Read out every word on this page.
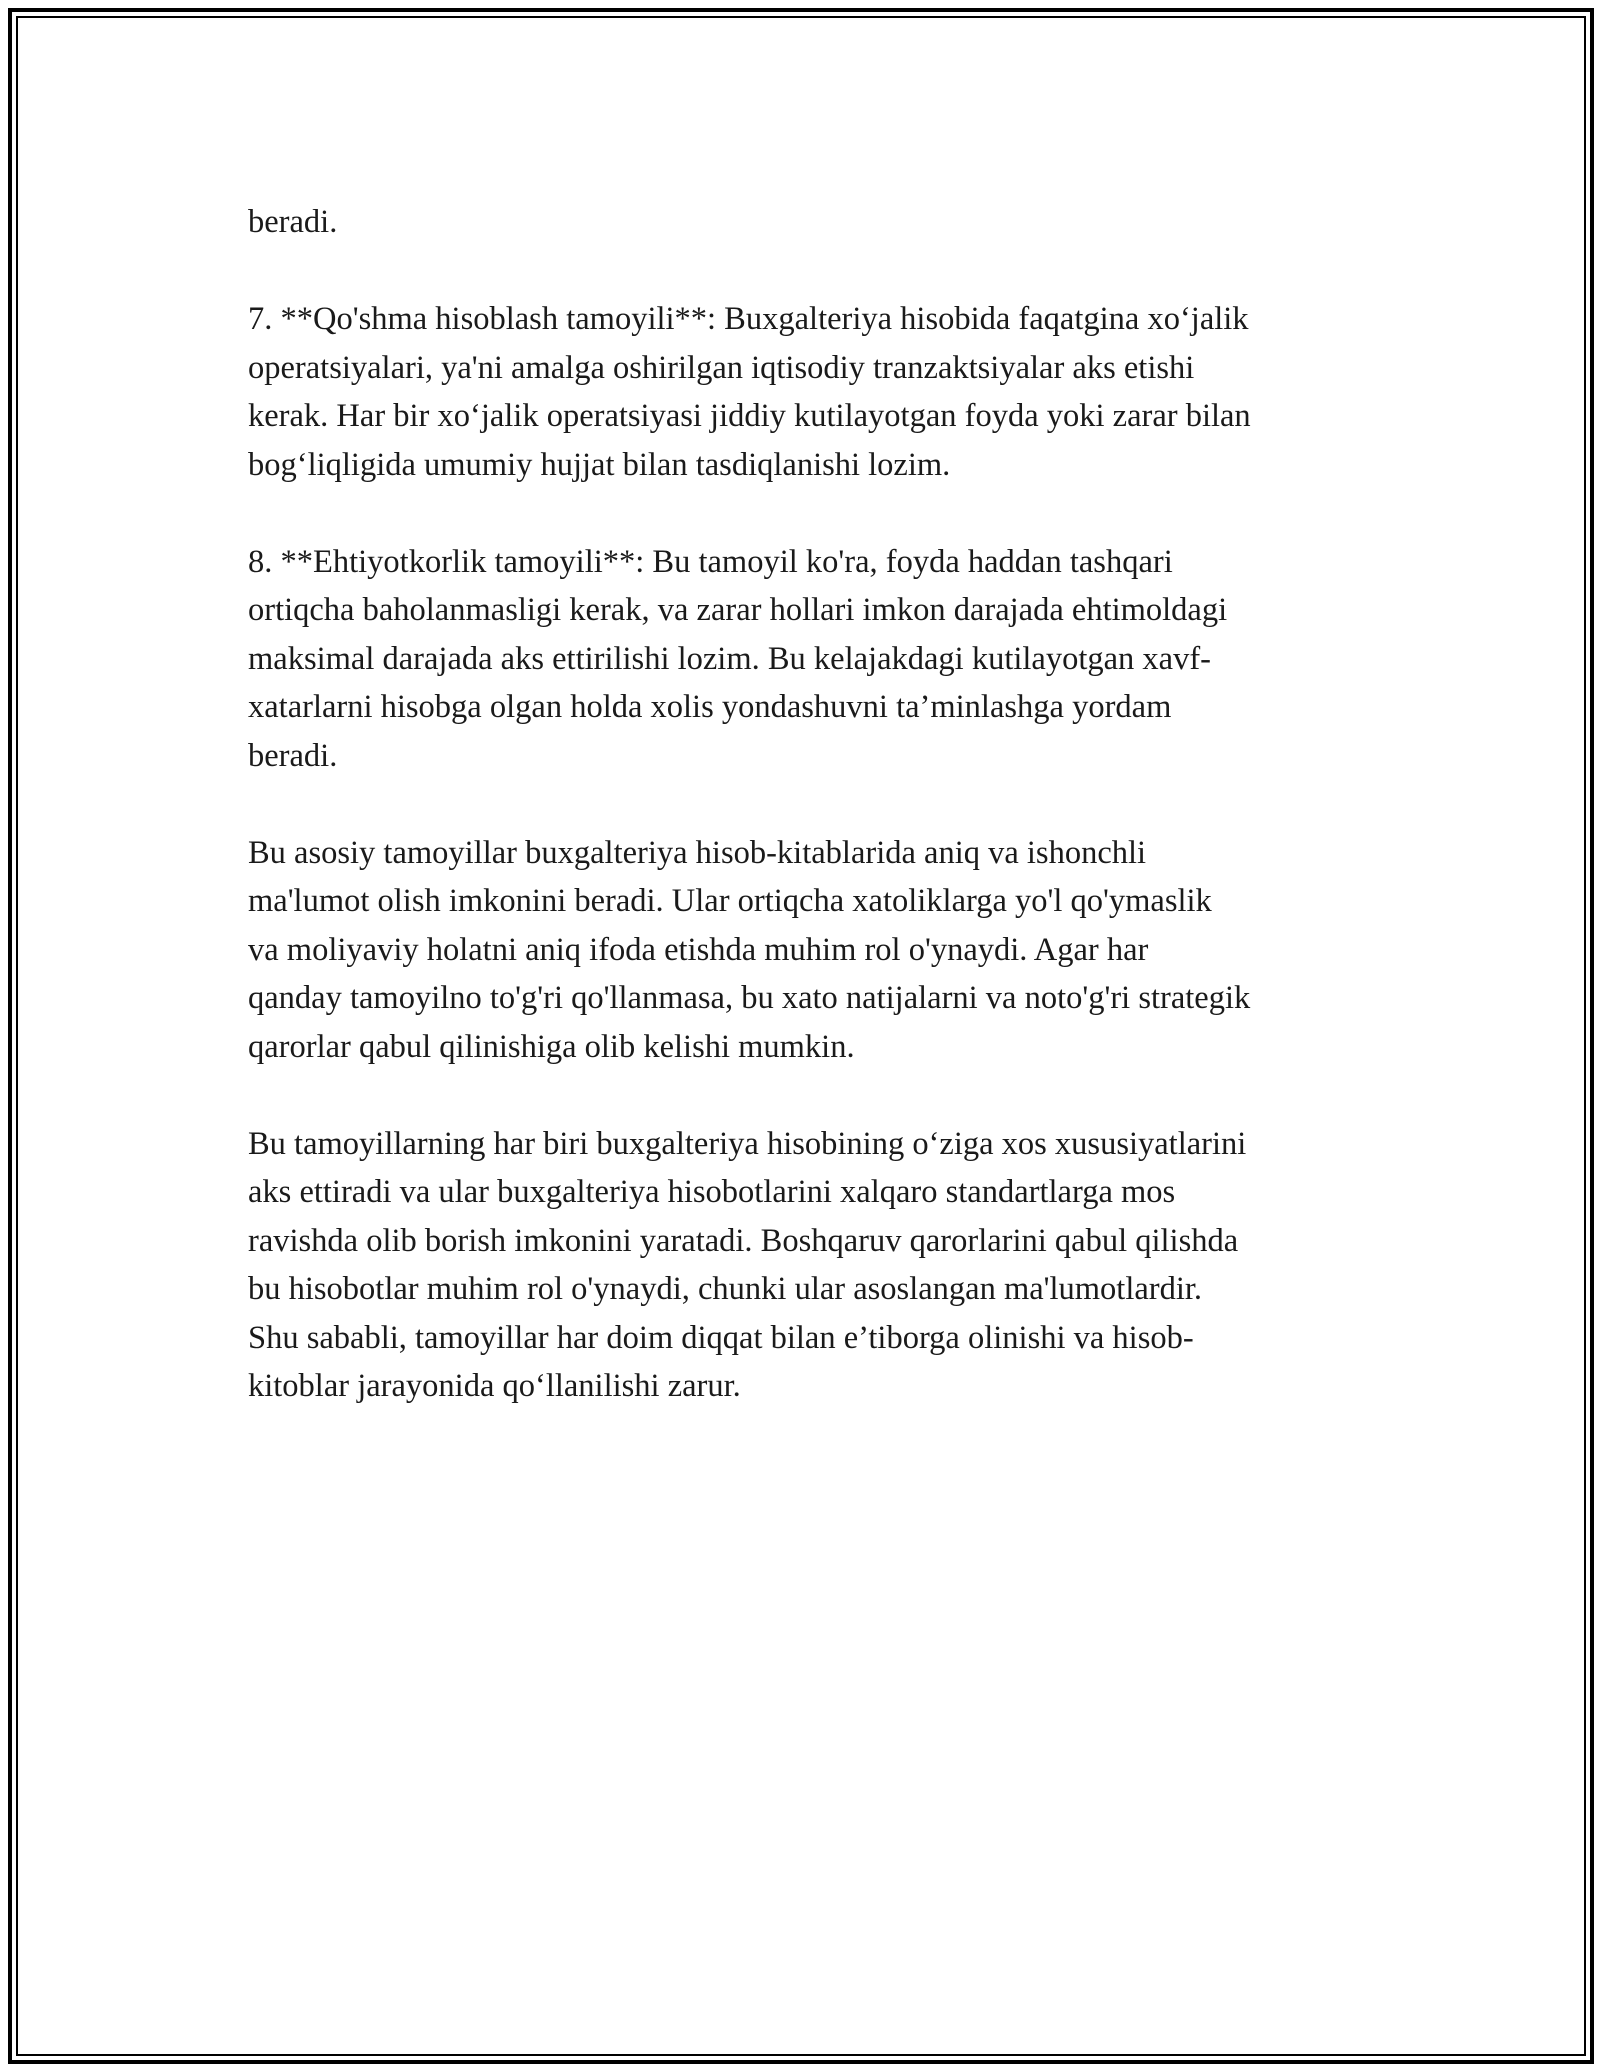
beradi.

7. **Qo'shma hisoblash tamoyili**: Buxgalteriya hisobida faqatgina xo‘jalik
operatsiyalari, ya'ni amalga oshirilgan iqtisodiy tranzaktsiyalar aks etishi
kerak. Har bir xo‘jalik operatsiyasi jiddiy kutilayotgan foyda yoki zarar bilan
bog‘liqligida umumiy hujjat bilan tasdiqlanishi lozim.

8. **Ehtiyotkorlik tamoyili**: Bu tamoyil ko'ra, foyda haddan tashqari
ortiqcha baholanmasligi kerak, va zarar hollari imkon darajada ehtimoldagi
maksimal darajada aks ettirilishi lozim. Bu kelajakdagi kutilayotgan xavf-
xatarlarni hisobga olgan holda xolis yondashuvni ta’minlashga yordam
beradi.

Bu asosiy tamoyillar buxgalteriya hisob-kitablarida aniq va ishonchli
ma'lumot olish imkonini beradi. Ular ortiqcha xatoliklarga yo'l qo'ymaslik
va moliyaviy holatni aniq ifoda etishda muhim rol o'ynaydi. Agar har
qanday tamoyilno to'g'ri qo'llanmasa, bu xato natijalarni va noto'g'ri strategik
qarorlar qabul qilinishiga olib kelishi mumkin.

Bu tamoyillarning har biri buxgalteriya hisobining o‘ziga xos xususiyatlarini
aks ettiradi va ular buxgalteriya hisobotlarini xalqaro standartlarga mos
ravishda olib borish imkonini yaratadi. Boshqaruv qarorlarini qabul qilishda
bu hisobotlar muhim rol o'ynaydi, chunki ular asoslangan ma'lumotlardir.
Shu sababli, tamoyillar har doim diqqat bilan e’tiborga olinishi va hisob-
kitoblar jarayonida qo‘llanilishi zarur.
